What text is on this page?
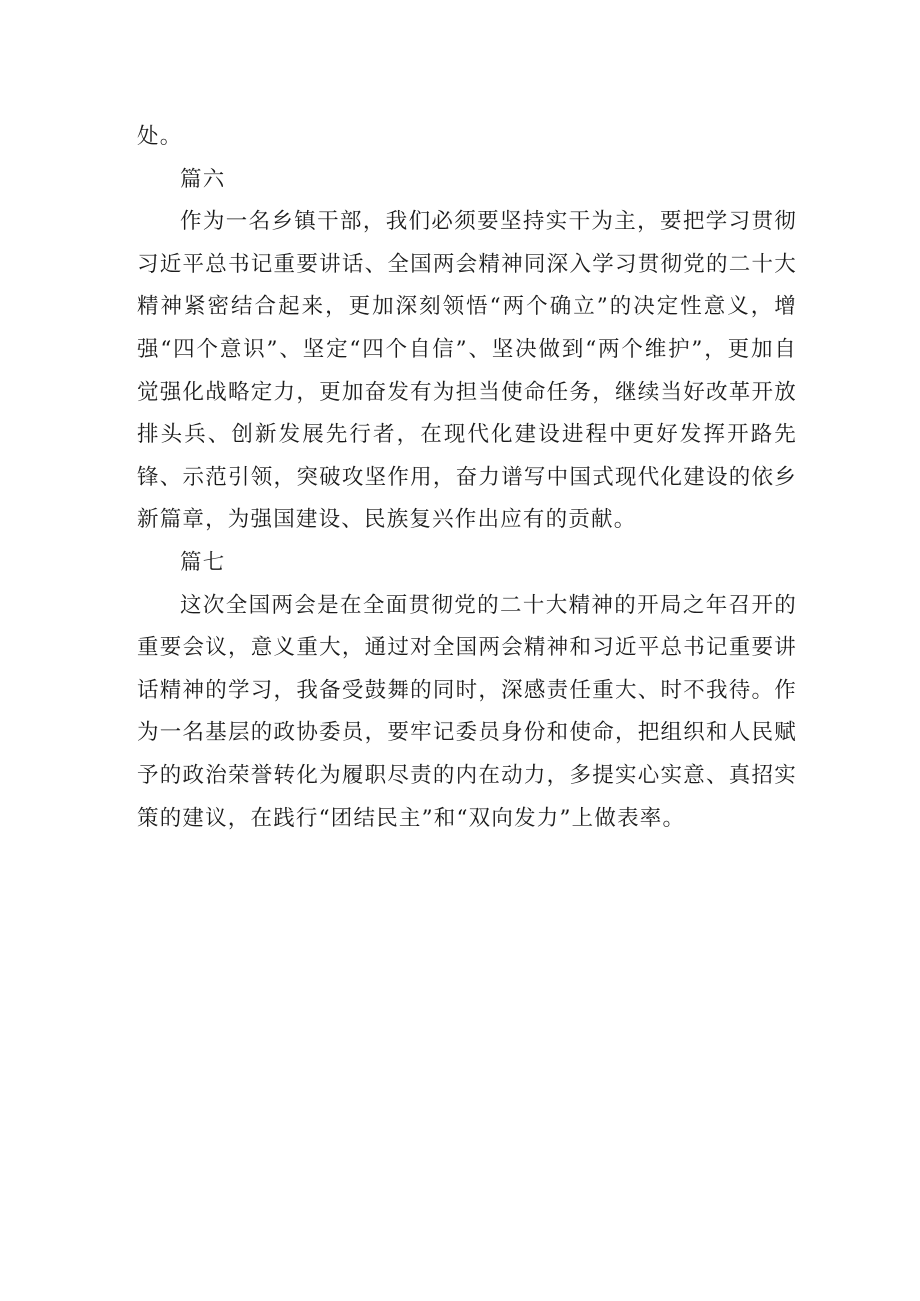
处。

篇六

作为一名乡镇干部，我们必须要坚持实干为主，要把学习贯彻习近平总书记重要讲话、全国两会精神同深入学习贯彻党的二十大精神紧密结合起来，更加深刻领悟“两个确立”的决定性意义，增强“四个意识”、坚定“四个自信”、坚决做到“两个维护”，更加自觉强化战略定力，更加奋发有为担当使命任务，继续当好改革开放排头兵、创新发展先行者，在现代化建设进程中更好发挥开路先锋、示范引领，突破攻坚作用，奋力谱写中国式现代化建设的依乡新篇章，为强国建设、民族复兴作出应有的贡献。

篇七

这次全国两会是在全面贯彻党的二十大精神的开局之年召开的重要会议，意义重大，通过对全国两会精神和习近平总书记重要讲话精神的学习，我备受鼓舞的同时，深感责任重大、时不我待。作为一名基层的政协委员，要牢记委员身份和使命，把组织和人民赋予的政治荣誉转化为履职尽责的内在动力，多提实心实意、真招实策的建议，在践行“团结民主”和“双向发力”上做表率。
